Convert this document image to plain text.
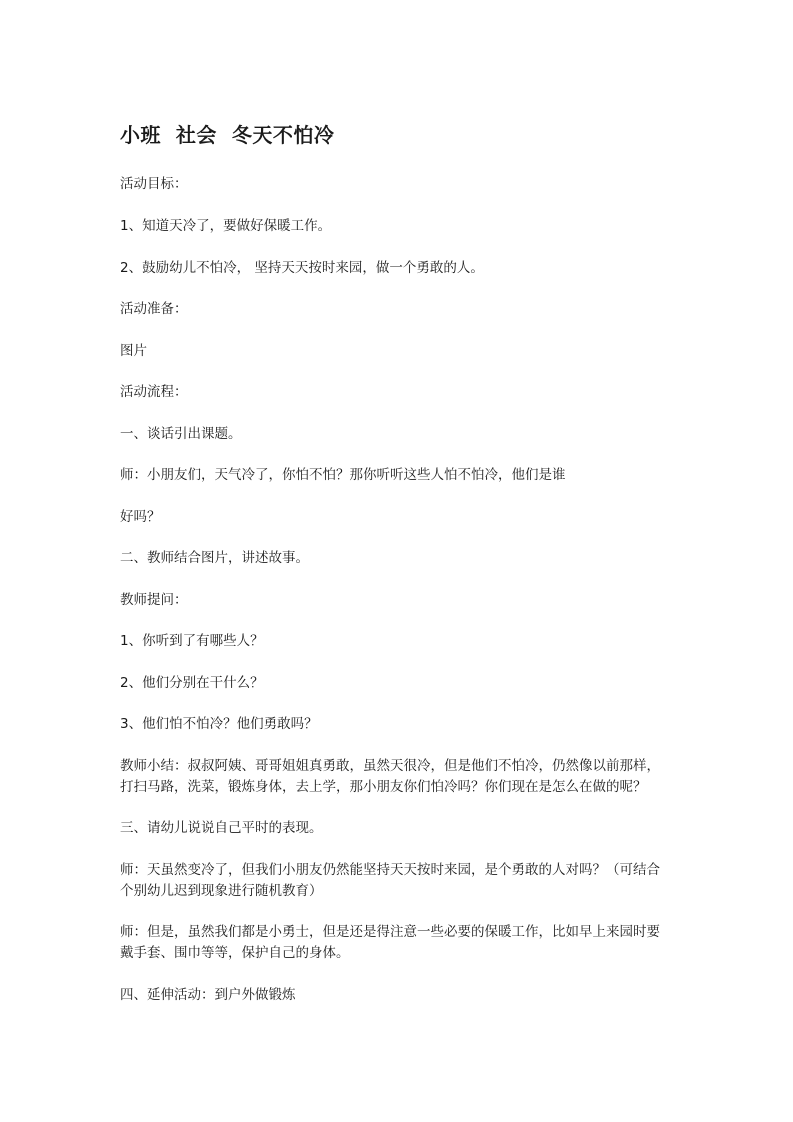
小班  社会  冬天不怕冷

活动目标：

1、知道天冷了，要做好保暖工作。

2、鼓励幼儿不怕冷， 坚持天天按时来园，做一个勇敢的人。

活动准备：

图片

活动流程：

一、谈话引出课题。

师：小朋友们，天气冷了，你怕不怕？那你听听这些人怕不怕冷，他们是谁

好吗？

二、教师结合图片，讲述故事。

教师提问：

1、你听到了有哪些人？

2、他们分别在干什么？

3、他们怕不怕冷？他们勇敢吗？

教师小结：叔叔阿姨、哥哥姐姐真勇敢，虽然天很冷，但是他们不怕冷，仍然像以前那样，

打扫马路，洗菜，锻炼身体，去上学，那小朋友你们怕冷吗？你们现在是怎么在做的呢？

三、请幼儿说说自己平时的表现。

师：天虽然变冷了，但我们小朋友仍然能坚持天天按时来园，是个勇敢的人对吗？（可结合

个别幼儿迟到现象进行随机教育）

师：但是，虽然我们都是小勇士，但是还是得注意一些必要的保暖工作，比如早上来园时要

戴手套、围巾等等，保护自己的身体。

四、延伸活动：到户外做锻炼
